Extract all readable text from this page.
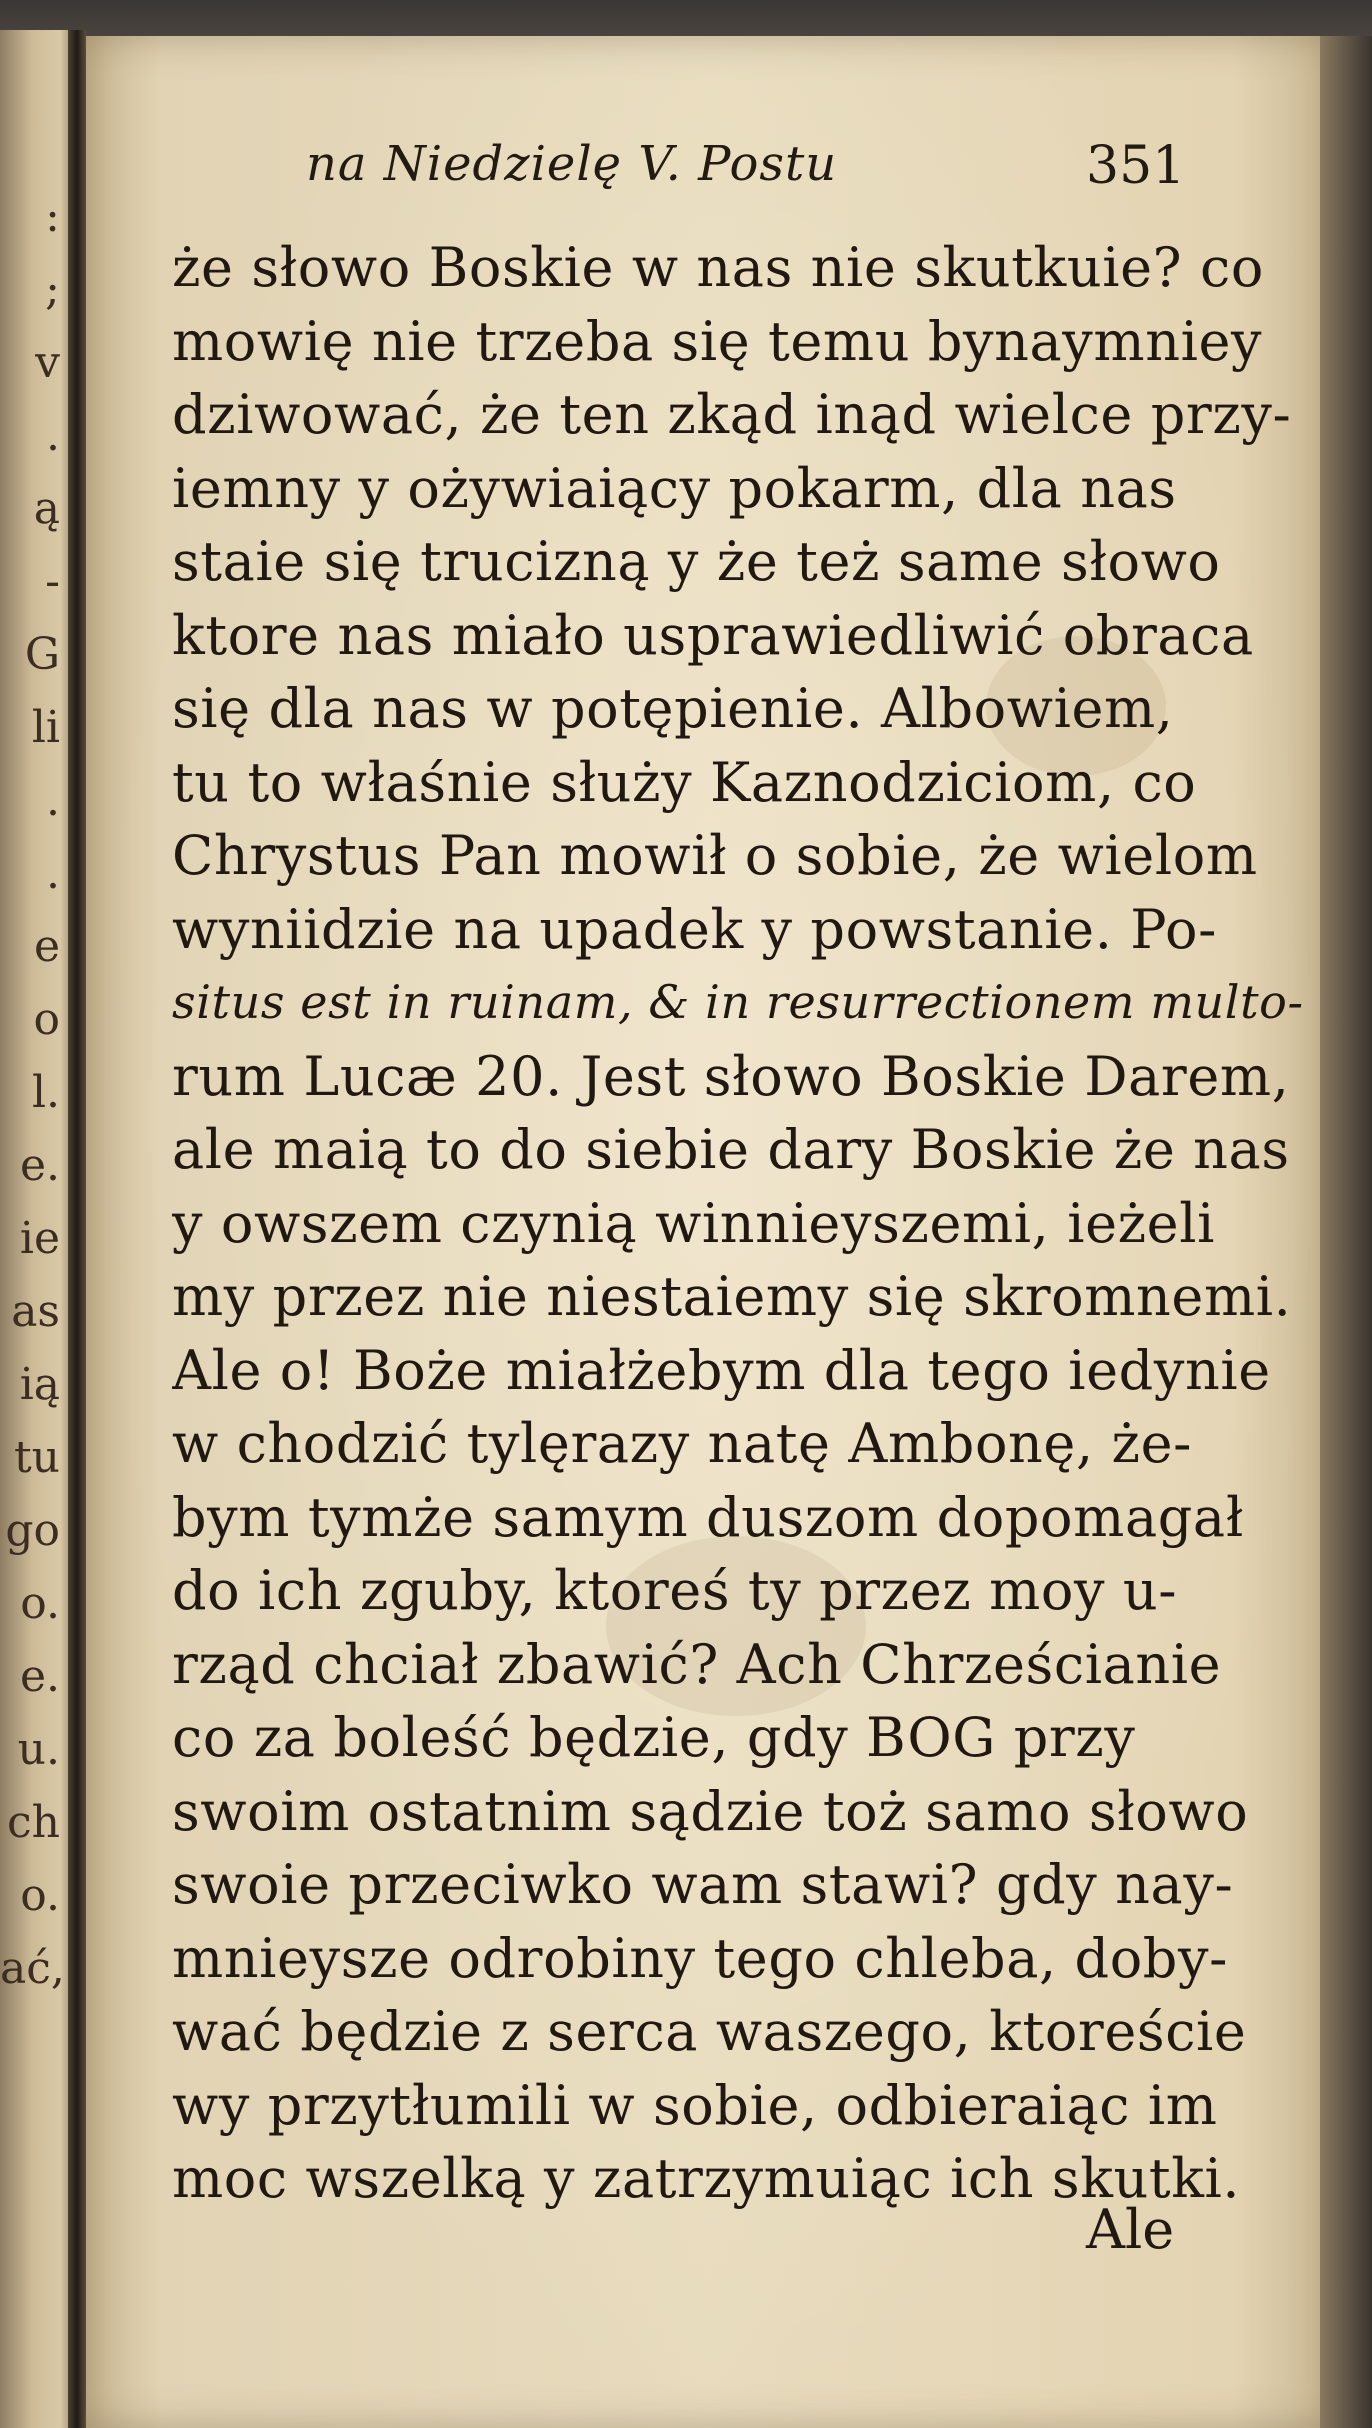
:
;
v
.
ą
-
G
li
.
.
e
o
l.
e.
ie
as
ią
tu
go
o.
e.
u.
ch
o.
ać,
na Niedzielę V. Postu	351
że słowo Boskie w nas nie skutkuie? co
mowię nie trzeba się temu bynaymniey
dziwować, że ten zkąd inąd wielce przy-
iemny y ożywiaiący pokarm, dla nas
staie się trucizną y że też same słowo
ktore nas miało usprawiedliwić obraca
się dla nas w potępienie. Albowiem,
tu to właśnie służy Kaznodziciom, co
Chrystus Pan mowił o sobie, że wielom
wyniidzie na upadek y powstanie. Po-
situs est in ruinam, & in resurrectionem multo-
rum Lucæ 20. Jest słowo Boskie Darem,
ale maią to do siebie dary Boskie że nas
y owszem czynią winnieyszemi, ieżeli
my przez nie niestaiemy się skromnemi.
Ale o! Boże miałżebym dla tego iedynie
w chodzić tylęrazy natę Ambonę, że-
bym tymże samym duszom dopomagał
do ich zguby, ktoreś ty przez moy u-
rząd chciał zbawić? Ach Chrześcianie
co za boleść będzie, gdy BOG przy
swoim ostatnim sądzie toż samo słowo
swoie przeciwko wam stawi? gdy nay-
mnieysze odrobiny tego chleba, doby-
wać będzie z serca waszego, ktoreście
wy przytłumili w sobie, odbieraiąc im
moc wszelką y zatrzymuiąc ich skutki.
Ale
